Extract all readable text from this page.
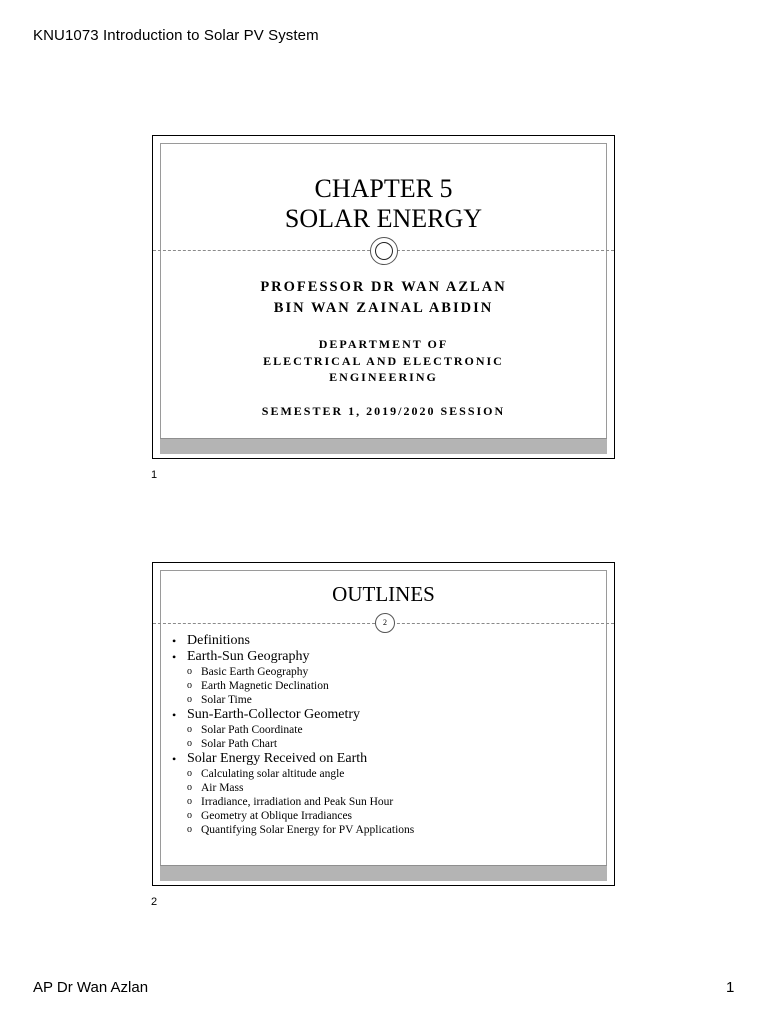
KNU1073 Introduction to Solar PV System
CHAPTER 5
SOLAR ENERGY
PROFESSOR DR WAN AZLAN
BIN WAN ZAINAL ABIDIN
DEPARTMENT OF
ELECTRICAL AND ELECTRONIC
ENGINEERING
SEMESTER 1, 2019/2020 SESSION
1
OUTLINES
2
• Definitions
• Earth-Sun Geography
o Basic Earth Geography
o Earth Magnetic Declination
o Solar Time
• Sun-Earth-Collector Geometry
o Solar Path Coordinate
o Solar Path Chart
• Solar Energy Received on Earth
o Calculating solar altitude angle
o Air Mass
o Irradiance, irradiation and Peak Sun Hour
o Geometry at Oblique Irradiances
o Quantifying Solar Energy for PV Applications
2
AP Dr Wan Azlan	1
